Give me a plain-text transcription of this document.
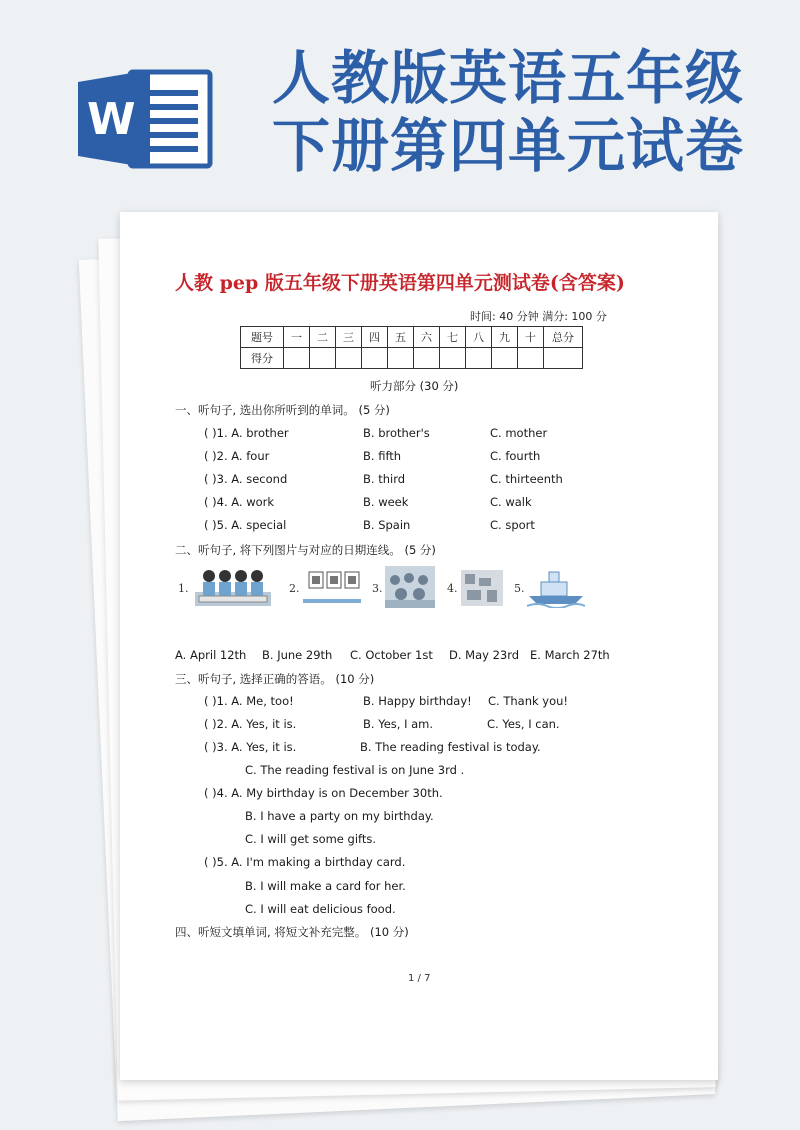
W
人教版英语五年级
下册第四单元试卷
人教 pep 版五年级下册英语第四单元测试卷(含答案)
时间: 40 分钟 满分: 100 分
题号	一	二	三	四	五	六	七	八	九	十	总分
得分											
听力部分 (30 分)
一、听句子, 选出你所听到的单词。 (5 分)
( )1. A. brother	B. brother's	C. mother
( )2. A. four	B. fifth	C. fourth
( )3. A. second	B. third	C. thirteenth
( )4. A. work	B. week	C. walk
( )5. A. special	B. Spain	C. sport
二、听句子, 将下列图片与对应的日期连线。 (5 分)
1.	2.	3.	4.	5.
A. April 12th B. June 29th C. October 1st D. May 23rd E. March 27th
三、听句子, 选择正确的答语。 (10 分)
( )1. A. Me, too!	B. Happy birthday! C. Thank you!
( )2. A. Yes, it is.	B. Yes, I am.	C. Yes, I can.
( )3. A. Yes, it is.	B. The reading festival is today.
C. The reading festival is on June 3rd .
( )4. A. My birthday is on December 30th.
B. I have a party on my birthday.
C. I will get some gifts.
( )5. A. I'm making a birthday card.
B. I will make a card for her.
C. I will eat delicious food.
四、听短文填单词, 将短文补充完整。 (10 分)
1 / 7
